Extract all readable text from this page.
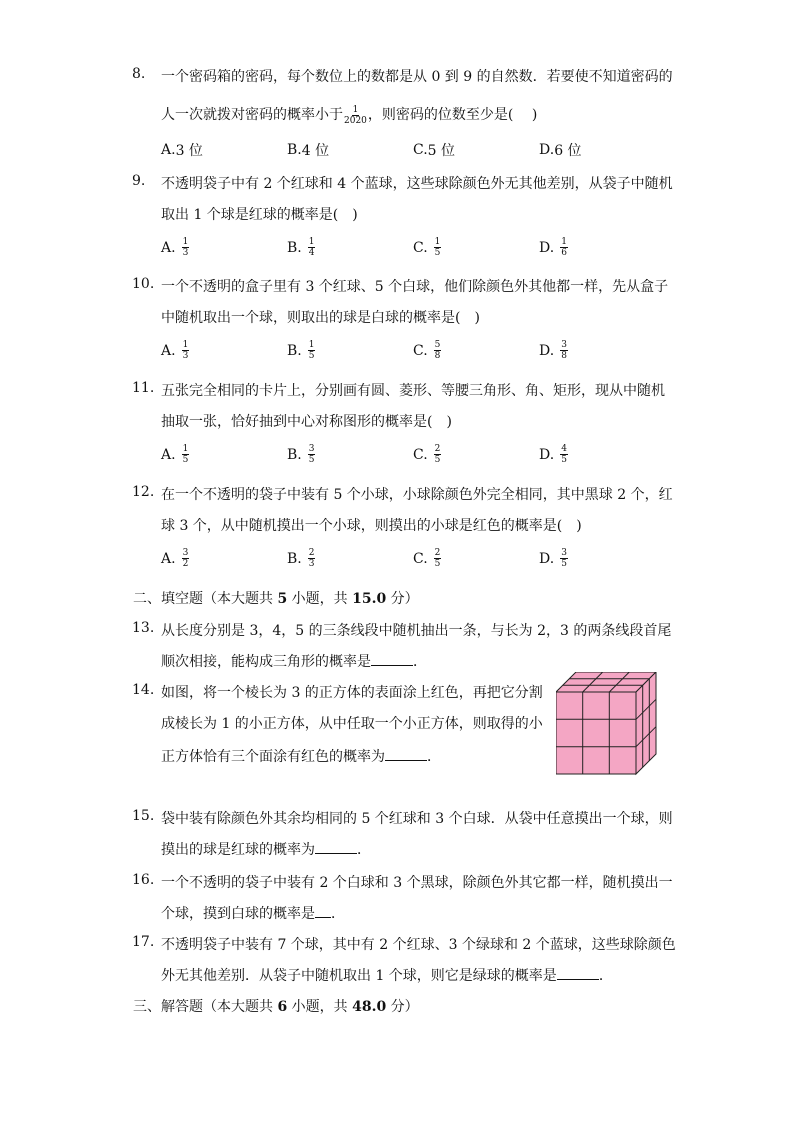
8. 一个密码箱的密码，每个数位上的数都是从 0 到 9 的自然数．若要使不知道密码的
人一次就拨对密码的概率小于 $\frac{1}{2020}$ ，则密码的位数至少是(　 )
A. 3 位	B. 4 位	C. 5 位	D. 6 位
9. 不透明袋子中有 2 个红球和 4 个蓝球，这些球除颜色外无其他差别，从袋子中随机
取出 1 个球是红球的概率是(　)
A. $\frac{1}{3}$	B. $\frac{1}{4}$	C. $\frac{1}{5}$	D. $\frac{1}{6}$
10. 一个不透明的盒子里有 3 个红球、5 个白球，他们除颜色外其他都一样，先从盒子
中随机取出一个球，则取出的球是白球的概率是(　)
A. $\frac{1}{3}$	B. $\frac{1}{5}$	C. $\frac{5}{8}$	D. $\frac{3}{8}$
11. 五张完全相同的卡片上，分别画有圆、菱形、等腰三角形、角、矩形，现从中随机
抽取一张，恰好抽到中心对称图形的概率是(　)
A. $\frac{1}{5}$	B. $\frac{3}{5}$	C. $\frac{2}{5}$	D. $\frac{4}{5}$
12. 在一个不透明的袋子中装有 5 个小球，小球除颜色外完全相同，其中黑球 2 个，红
球 3 个，从中随机摸出一个小球，则摸出的小球是红色的概率是(　)
A. $\frac{3}{2}$	B. $\frac{2}{3}$	C. $\frac{2}{5}$	D. $\frac{3}{5}$
二、填空题（本大题共 5 小题，共 15.0 分）
13. 从长度分别是 3，4，5 的三条线段中随机抽出一条，与长为 2，3 的两条线段首尾
顺次相接，能构成三角形的概率是	．
14. 如图，将一个棱长为 3 的正方体的表面涂上红色，再把它分割
成棱长为 1 的小正方体，从中任取一个小正方体，则取得的小
正方体恰有三个面涂有红色的概率为	．
15. 袋中装有除颜色外其余均相同的 5 个红球和 3 个白球．从袋中任意摸出一个球，则
摸出的球是红球的概率为	．
16. 一个不透明的袋子中装有 2 个白球和 3 个黑球，除颜色外其它都一样，随机摸出一
个球，摸到白球的概率是 ．
17. 不透明袋子中装有 7 个球，其中有 2 个红球、3 个绿球和 2 个蓝球，这些球除颜色
外无其他差别．从袋子中随机取出 1 个球，则它是绿球的概率是	．
三、解答题（本大题共 6 小题，共 48.0 分）
